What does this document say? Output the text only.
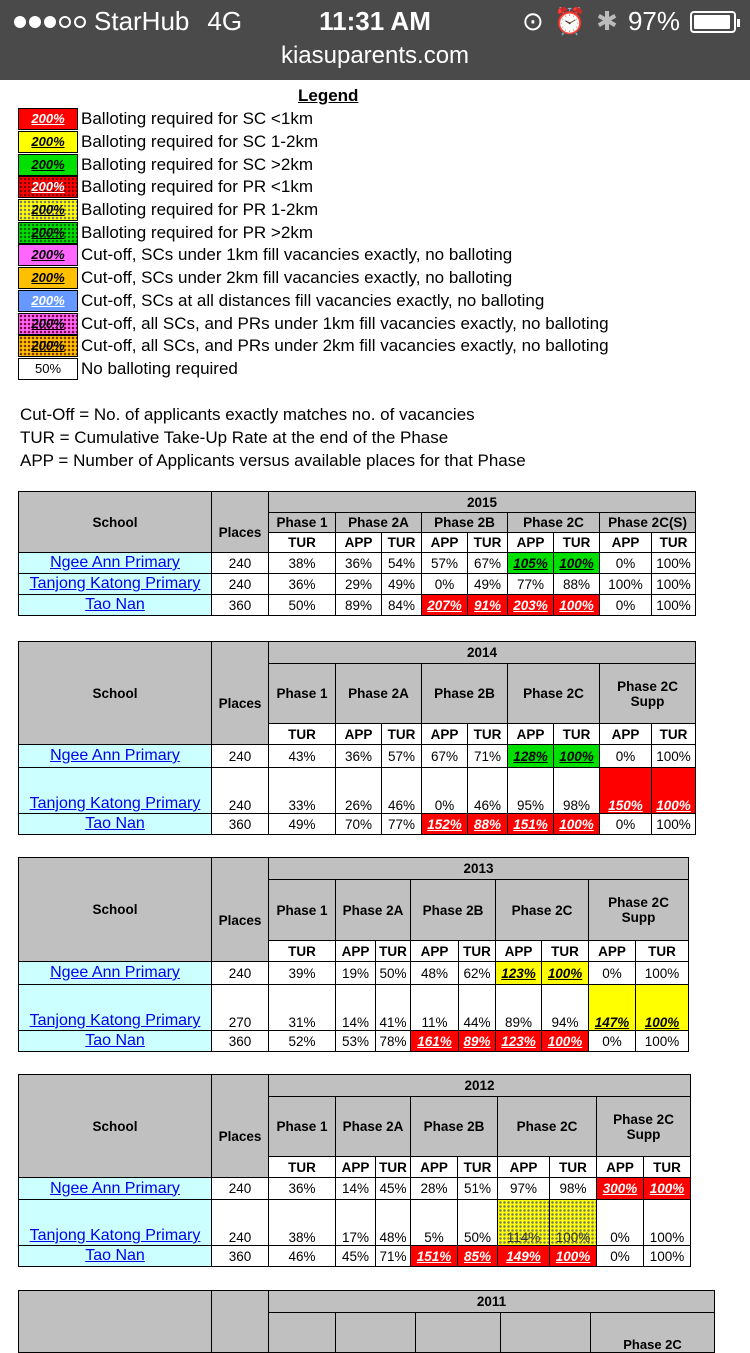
StarHub 4G	11:31 AM	⊙ ⏰ ✱ 97%
kiasuparents.com
Legend
200% Balloting required for SC <1km
200% Balloting required for SC 1-2km
200% Balloting required for SC >2km
200% Balloting required for PR <1km
200% Balloting required for PR 1-2km
200% Balloting required for PR >2km
200% Cut-off, SCs under 1km fill vacancies exactly, no balloting
200% Cut-off, SCs under 2km fill vacancies exactly, no balloting
200% Cut-off, SCs at all distances fill vacancies exactly, no balloting
200% Cut-off, all SCs, and PRs under 1km fill vacancies exactly, no balloting
200% Cut-off, all SCs, and PRs under 2km fill vacancies exactly, no balloting
50%	No balloting required
Cut-Off = No. of applicants exactly matches no. of vacancies
TUR = Cumulative Take-Up Rate at the end of the Phase
APP = Number of Applicants versus available places for that Phase
School		2015								
	Places	Phase 1	Phase 2A		Phase 2B		Phase 2C		Phase 2C(S)	
		TUR	APP	TUR	APP	TUR	APP	TUR	APP	TUR
Ngee Ann Primary	240	38%	36%	54%	57%	67%	105%	100%	0%	100%
Tanjong Katong Primary	240	36%	29%	49%	0%	49%	77%	88%	100%	100%
Tao Nan	360	50%	89%	84%	207%	91%	203%	100%	0%	100%
School		2014								
	Places	Phase 1	Phase 2A		Phase 2B		Phase 2C		Phase 2C Supp	
		TUR	APP	TUR	APP	TUR	APP	TUR	APP	TUR
Ngee Ann Primary	240	43%	36%	57%	67%	71%	128%	100%	0%	100%
Tanjong Katong Primary	240	33%	26%	46%	0%	46%	95%	98%	150%	100%
Tao Nan	360	49%	70%	77%	152%	88%	151%	100%	0%	100%
School		2013								
	Places	Phase 1	Phase 2A		Phase 2B		Phase 2C		Phase 2C Supp	
		TUR	APP	TUR	APP	TUR	APP	TUR	APP	TUR
Ngee Ann Primary	240	39%	19%	50%	48%	62%	123%	100%	0%	100%
Tanjong Katong Primary	270	31%	14%	41%	11%	44%	89%	94%	147%	100%
Tao Nan	360	52%	53%	78%	161%	89%	123%	100%	0%	100%
School		2012								
	Places	Phase 1	Phase 2A		Phase 2B		Phase 2C		Phase 2C Supp	
		TUR	APP	TUR	APP	TUR	APP	TUR	APP	TUR
Ngee Ann Primary	240	36%	14%	45%	28%	51%	97%	98%	300%	100%
Tanjong Katong Primary	240	38%	17%	48%	5%	50%	114%	100%	0%	100%
Tao Nan	360	46%	45%	71%	151%	85%	149%	100%	0%	100%
		2011				
						Phase 2C
